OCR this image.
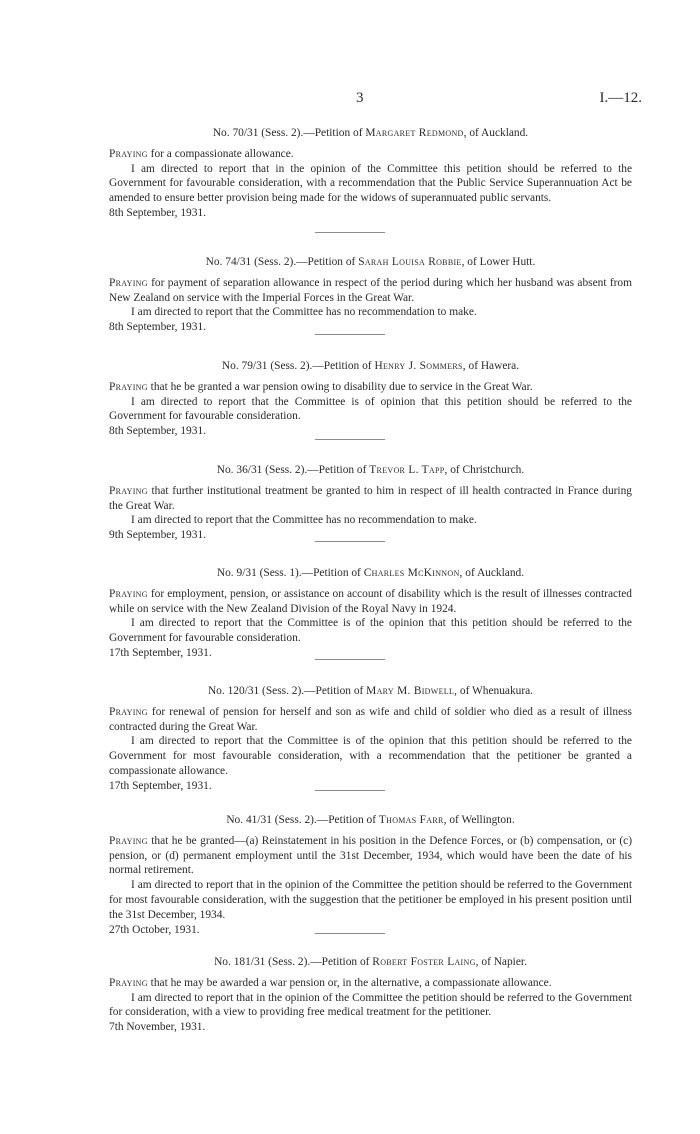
3	I.—12.
No. 70/31 (Sess. 2).—Petition of Margaret Redmond, of Auckland.

Praying for a compassionate allowance.

I am directed to report that in the opinion of the Committee this petition should be referred to the Government for favourable consideration, with a recommendation that the Public Service Superannuation Act be amended to ensure better provision being made for the widows of superannuated public servants.

8th September, 1931.

No. 74/31 (Sess. 2).—Petition of Sarah Louisa Robbie, of Lower Hutt.

Praying for payment of separation allowance in respect of the period during which her husband was absent from New Zealand on service with the Imperial Forces in the Great War.

I am directed to report that the Committee has no recommendation to make.

8th September, 1931.

No. 79/31 (Sess. 2).—Petition of Henry J. Sommers, of Hawera.

Praying that he be granted a war pension owing to disability due to service in the Great War.

I am directed to report that the Committee is of opinion that this petition should be referred to the Government for favourable consideration.

8th September, 1931.

No. 36/31 (Sess. 2).—Petition of Trevor L. Tapp, of Christchurch.

Praying that further institutional treatment be granted to him in respect of ill health contracted in France during the Great War.

I am directed to report that the Committee has no recommendation to make.

9th September, 1931.

No. 9/31 (Sess. 1).—Petition of Charles McKinnon, of Auckland.

Praying for employment, pension, or assistance on account of disability which is the result of illnesses contracted while on service with the New Zealand Division of the Royal Navy in 1924.

I am directed to report that the Committee is of the opinion that this petition should be referred to the Government for favourable consideration.

17th September, 1931.

No. 120/31 (Sess. 2).—Petition of Mary M. Bidwell, of Whenuakura.

Praying for renewal of pension for herself and son as wife and child of soldier who died as a result of illness contracted during the Great War.

I am directed to report that the Committee is of the opinion that this petition should be referred to the Government for most favourable consideration, with a recommendation that the petitioner be granted a compassionate allowance.

17th September, 1931.

No. 41/31 (Sess. 2).—Petition of Thomas Farr, of Wellington.

Praying that he be granted—(a) Reinstatement in his position in the Defence Forces, or (b) compensation, or (c) pension, or (d) permanent employment until the 31st December, 1934, which would have been the date of his normal retirement.

I am directed to report that in the opinion of the Committee the petition should be referred to the Government for most favourable consideration, with the suggestion that the petitioner be employed in his present position until the 31st December, 1934.

27th October, 1931.

No. 181/31 (Sess. 2).—Petition of Robert Foster Laing, of Napier.

Praying that he may be awarded a war pension or, in the alternative, a compassionate allowance.

I am directed to report that in the opinion of the Committee the petition should be referred to the Government for consideration, with a view to providing free medical treatment for the petitioner.

7th November, 1931.
